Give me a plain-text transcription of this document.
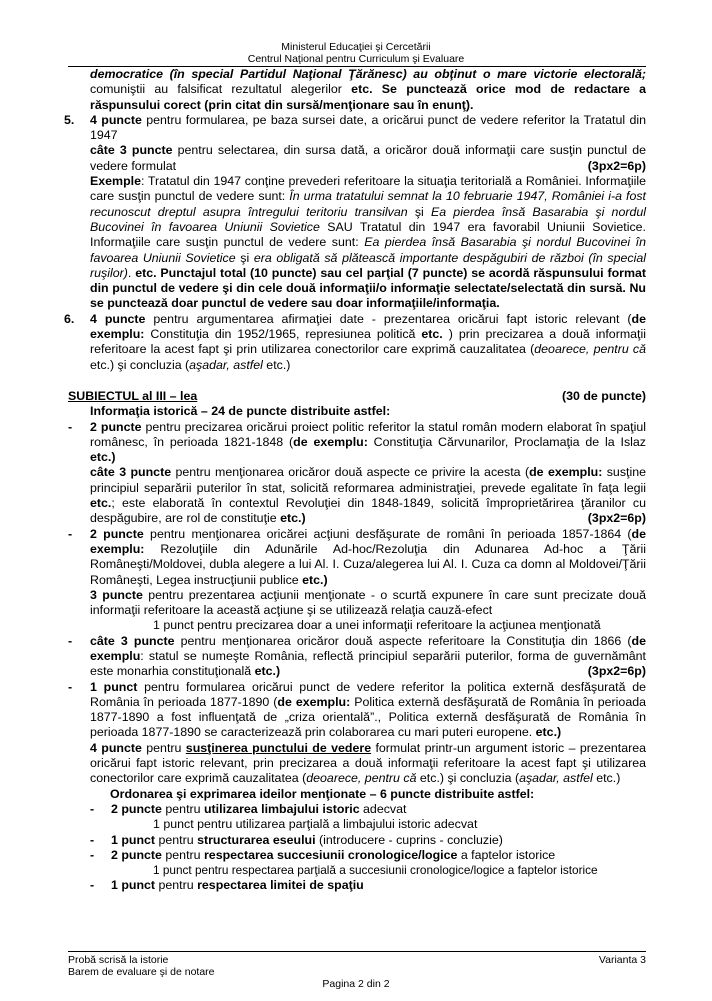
Ministerul Educaţiei şi Cercetării
Centrul Naţional pentru Curriculum şi Evaluare

democratice (în special Partidul Naţional Ţărănesc) au obţinut o mare victorie electorală; comuniştii au falsificat rezultatul alegerilor etc. Se punctează orice mod de redactare a răspunsului corect (prin citat din sursă/menţionare sau în enunţ).

5.	4 puncte pentru formularea, pe baza sursei date, a oricărui punct de vedere referitor la Tratatul din 1947

câte 3 puncte pentru selectarea, din sursa dată, a oricăror două informaţii care susţin punctul de vedere formulat	(3px2=6p)

Exemple: Tratatul din 1947 conţine prevederi referitoare la situaţia teritorială a României. Informaţiile care susţin punctul de vedere sunt: În urma tratatului semnat la 10 februarie 1947, României i-a fost recunoscut dreptul asupra întregului teritoriu transilvan şi Ea pierdea însă Basarabia şi nordul Bucovinei în favoarea Uniunii Sovietice SAU Tratatul din 1947 era favorabil Uniunii Sovietice. Informaţiile care susţin punctul de vedere sunt: Ea pierdea însă Basarabia şi nordul Bucovinei în favoarea Uniunii Sovietice şi era obligată să plătească importante despăgubiri de război (în special ruşilor). etc. Punctajul total (10 puncte) sau cel parţial (7 puncte) se acordă răspunsului format din punctul de vedere şi din cele două informaţii/o informaţie selectate/selectată din sursă. Nu se punctează doar punctul de vedere sau doar informaţiile/informaţia.

6.	4 puncte pentru argumentarea afirmaţiei date - prezentarea oricărui fapt istoric relevant (de exemplu: Constituţia din 1952/1965, represiunea politică etc. ) prin precizarea a două informaţii referitoare la acest fapt şi prin utilizarea conectorilor care exprimă cauzalitatea (deoarece, pentru că etc.) şi concluzia (aşadar, astfel etc.)

SUBIECTUL al III – lea	(30 de puncte)

Informaţia istorică – 24 de puncte distribuite astfel:

-	2 puncte pentru precizarea oricărui proiect politic referitor la statul român modern elaborat în spaţiul românesc, în perioada 1821-1848 (de exemplu: Constituţia Cărvunarilor, Proclamaţia de la Islaz etc.)

câte 3 puncte pentru menţionarea oricăror două aspecte ce privire la acesta (de exemplu: susţine principiul separării puterilor în stat, solicită reformarea administraţiei, prevede egalitate în faţa legii etc.; este elaborată în contextul Revoluţiei din 1848-1849, solicită împroprietărirea ţăranilor cu despăgubire, are rol de constituţie etc.)	(3px2=6p)

-	2 puncte pentru menţionarea oricărei acţiuni desfăşurate de români în perioada 1857-1864 (de exemplu: Rezoluţiile din Adunările Ad-hoc/Rezoluţia din Adunarea Ad-hoc a Ţării Româneşti/Moldovei, dubla alegere a lui Al. I. Cuza/alegerea lui Al. I. Cuza ca domn al Moldovei/Ţării Româneşti, Legea instrucţiunii publice etc.)

3 puncte pentru prezentarea acţiunii menţionate - o scurtă expunere în care sunt precizate două informaţii referitoare la această acţiune şi se utilizează relaţia cauză-efect

1 punct pentru precizarea doar a unei informaţii referitoare la acţiunea menţionată

-	câte 3 puncte pentru menţionarea oricăror două aspecte referitoare la Constituţia din 1866 (de exemplu: statul se numeşte România, reflectă principiul separării puterilor, forma de guvernământ este monarhia constituţională etc.)	(3px2=6p)

-	1 punct pentru formularea oricărui punct de vedere referitor la politica externă desfăşurată de România în perioada 1877-1890 (de exemplu: Politica externă desfăşurată de România în perioada 1877-1890 a fost influenţată de „criza orientală”., Politica externă desfăşurată de România în perioada 1877-1890 se caracterizează prin colaborarea cu mari puteri europene. etc.)

4 puncte pentru susţinerea punctului de vedere formulat printr-un argument istoric – prezentarea oricărui fapt istoric relevant, prin precizarea a două informaţii referitoare la acest fapt şi utilizarea conectorilor care exprimă cauzalitatea (deoarece, pentru că etc.) şi concluzia (aşadar, astfel etc.)

Ordonarea şi exprimarea ideilor menţionate – 6 puncte distribuite astfel:

-	2 puncte pentru utilizarea limbajului istoric adecvat

1 punct pentru utilizarea parţială a limbajului istoric adecvat

-	1 punct pentru structurarea eseului (introducere - cuprins - concluzie)

-	2 puncte pentru respectarea succesiunii cronologice/logice a faptelor istorice

1 punct pentru respectarea parţială a succesiunii cronologice/logice a faptelor istorice

-	1 punct pentru respectarea limitei de spaţiu

Probă scrisă la istorie
Barem de evaluare şi de notare
Varianta 3
Pagina 2 din 2
